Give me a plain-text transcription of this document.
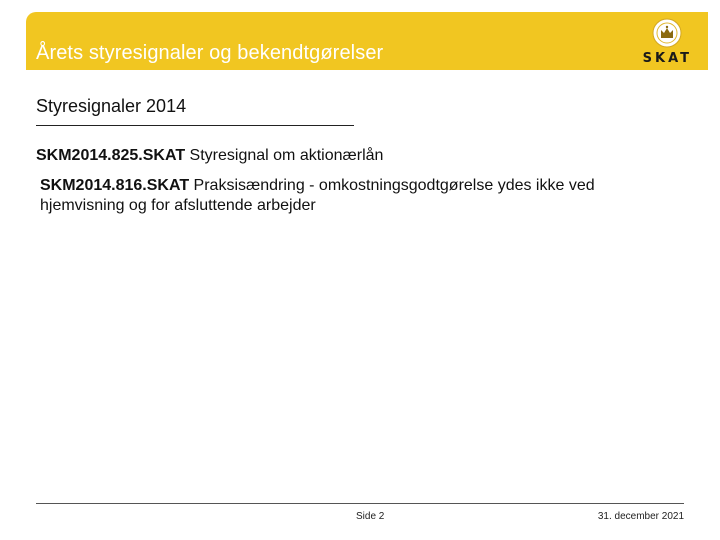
Årets styresignaler og bekendtgørelser	SKAT
Styresignaler 2014
SKM2014.825.SKAT Styresignal om aktionærlån
SKM2014.816.SKAT Praksisændring - omkostningsgodtgørelse ydes ikke ved hjemvisning og for afsluttende arbejder
Side 2	31. december 2021
